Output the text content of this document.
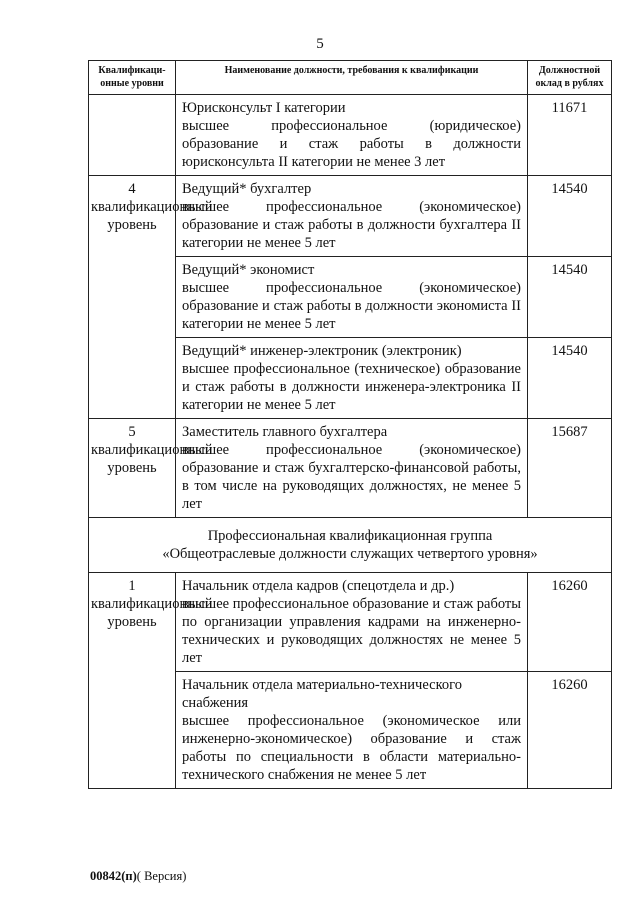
5
Квалификаци-онные уровни	Наименование должности, требования к квалификации	Должностной оклад в рублях

	Юрисконсульт I категории
высшее профессиональное (юридическое) образование и стаж работы в должности юрисконсульта II категории не менее 3 лет	11671
4 квалификационный уровень	Ведущий* бухгалтер
высшее профессиональное (экономическое) образование и стаж работы в должности бухгалтера II категории не менее 5 лет	14540

	Ведущий* экономист
высшее профессиональное (экономическое) образование и стаж работы в должности экономиста II категории не менее 5 лет	14540

	Ведущий* инженер-электроник (электроник)
высшее профессиональное (техническое) образование и стаж работы в должности инженера-электроника II категории не менее 5 лет	14540
5 квалификационный уровень	Заместитель главного бухгалтера
высшее профессиональное (экономическое) образование и стаж бухгалтерско-финансовой работы, в том числе на руководящих должностях, не менее 5 лет	15687

Профессиональная квалификационная группа
«Общеотраслевые должности служащих четвертого уровня»		

1 квалификационный уровень	Начальник отдела кадров (спецотдела и др.)
высшее профессиональное образование и стаж работы по организации управления кадрами на инженерно-технических и руководящих должностях не менее 5 лет	16260

	Начальник отдела материально-технического снабжения
высшее профессиональное (экономическое или инженерно-экономическое) образование и стаж работы по специальности в области материально-технического снабжения не менее 5 лет	16260
00842(п)( Версия)
